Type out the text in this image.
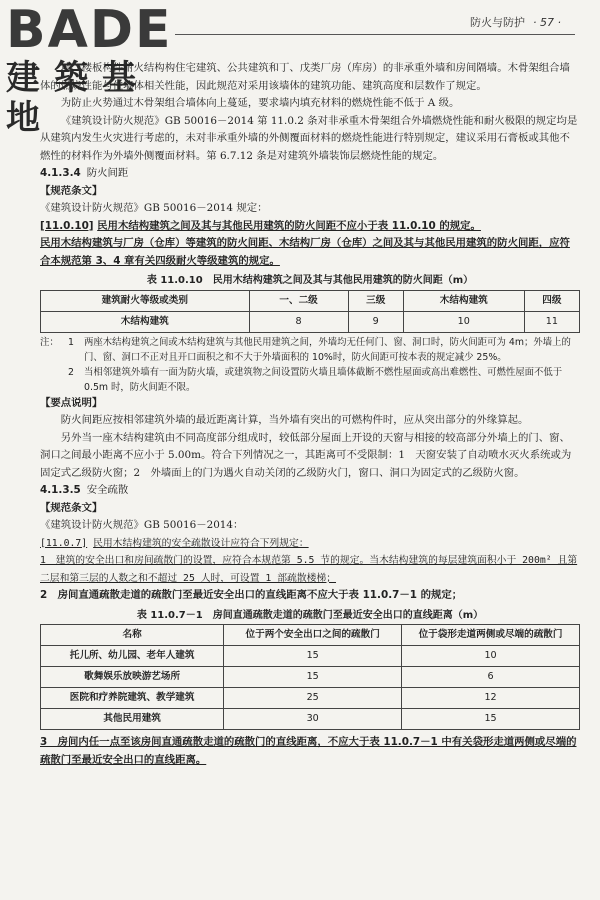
BADE
建築基地
防火与防护 · 57 ·

墙、楼板构件耐火结构构住宅建筑、公共建筑和丁、戊类厂房（库房）的非承重外墙和房间隔墙。木骨架组合墙体的燃烧性能与住墙体相关性能，因此规范对采用该墙体的建筑功能、建筑高度和层数作了规定。

为防止火势通过木骨架组合墙体向上蔓延，要求墙内填充材料的燃烧性能不低于 A 级。

《建筑设计防火规范》GB 50016－2014 第 11.0.2 条对非承重木骨架组合外墙燃烧性能和耐火极限的规定均是从建筑内发生火灾进行考虑的，未对非承重外墙的外侧覆面材料的燃烧性能进行特别规定，建议采用石膏板或其他不燃性的材料作为外墙外侧覆面材料。第 6.7.12 条是对建筑外墙装饰层燃烧性能的规定。

4.1.3.4 防火间距

【规范条文】

《建筑设计防火规范》GB 50016－2014 规定：

[11.0.10] 民用木结构建筑之间及其与其他民用建筑的防火间距不应小于表 11.0.10 的规定。

民用木结构建筑与厂房（仓库）等建筑的防火间距、木结构厂房（仓库）之间及其与其他民用建筑的防火间距，应符合本规范第 3、4 章有关四级耐火等级建筑的规定。

表 11.0.10　民用木结构建筑之间及其与其他民用建筑的防火间距（m）

建筑耐火等级或类别	一、二级	三级	木结构建筑	四级
木结构建筑	8	9	10	11
注： 1	两座木结构建筑之间或木结构建筑与其他民用建筑之间，外墙均无任何门、窗、洞口时，防火间距可为 4m；外墙上的门、窗、洞口不正对且开口面积之和不大于外墙面积的 10%时，防火间距可按本表的规定减少 25%。
2	当相邻建筑外墙有一面为防火墙，或建筑物之间设置防火墙且墙体截断不燃性屋面或高出难燃性、可燃性屋面不低于 0.5m 时，防火间距不限。

【要点说明】

防火间距应按相邻建筑外墙的最近距离计算，当外墙有突出的可燃构件时，应从突出部分的外缘算起。

另外当一座木结构建筑由不同高度部分组成时，较低部分屋面上开设的天窗与相接的较高部分外墙上的门、窗、洞口之间最小距离不应小于 5.00m。符合下列情况之一，其距离可不受限制：1　天窗安装了自动喷水灭火系统或为固定式乙级防火窗；2　外墙面上的门为遇火自动关闭的乙级防火门，窗口、洞口为固定式的乙级防火窗。

4.1.3.5 安全疏散

【规范条文】

《建筑设计防火规范》GB 50016－2014：

[11.0.7] 民用木结构建筑的安全疏散设计应符合下列规定：

1　建筑的安全出口和房间疏散门的设置，应符合本规范第 5.5 节的规定。当木结构建筑的每层建筑面积小于 200m² 且第二层和第三层的人数之和不超过 25 人时，可设置 1 部疏散楼梯；

2　房间直通疏散走道的疏散门至最近安全出口的直线距离不应大于表 11.0.7－1 的规定；

表 11.0.7－1　房间直通疏散走道的疏散门至最近安全出口的直线距离（m）

名称	位于两个安全出口之间的疏散门	位于袋形走道两侧或尽端的疏散门
托儿所、幼儿园、老年人建筑	15	10
歌舞娱乐放映游艺场所	15	6
医院和疗养院建筑、教学建筑	25	12
其他民用建筑	30	15

3　房间内任一点至该房间直通疏散走道的疏散门的直线距离，不应大于表 11.0.7－1 中有关袋形走道两侧或尽端的疏散门至最近安全出口的直线距离。
